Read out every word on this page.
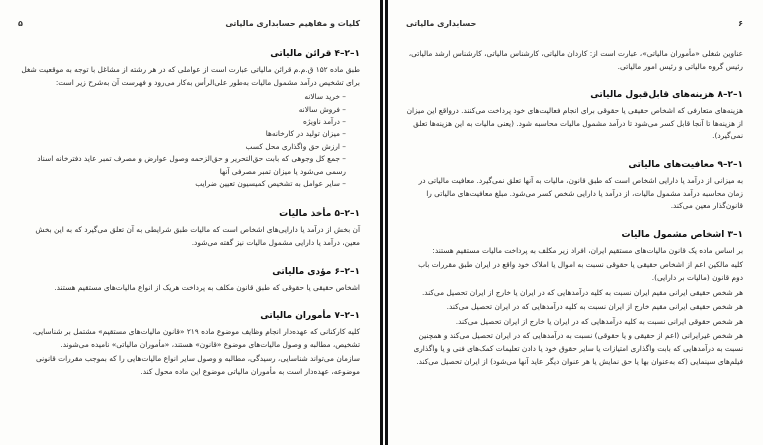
کلیات و مفاهیم حسابداری مالیاتی
۵
۱–۲–۴ قرائن مالیاتی

طبق ماده ۱۵۲ ق.م.م قرائن مالیاتی عبارت است از عواملی که در هر رشته از مشاغل با توجه به موقعیت شغل برای تشخیص درآمد مشمول مالیات به‌طور علی‌الرأس به‌کار می‌رود و فهرست آن به‌شرح زیر است:

– خرید سالانه
– فروش سالانه
– درآمد ناویژه
– میزان تولید در کارخانه‌ها
– ارزش حق واگذاری محل کسب
– جمع کل وجوهی که بابت حق‌التحریر و حق‌الزحمه وصول عوارض و مصرف تمبر عاید دفترخانه اسناد رسمی می‌شود یا میزان تمبر مصرفی آنها
– سایر عوامل به تشخیص کمیسیون تعیین ضرایب
۱–۲–۵ مأخذ مالیات

آن بخش از درآمد یا دارایی‌های اشخاص است که مالیات طبق شرایطی به آن تعلق می‌گیرد که به این بخش معین، درآمد یا دارایی مشمول مالیات نیز گفته می‌شود.

۱–۲–۶ مؤدی مالیاتی

اشخاص حقیقی یا حقوقی که طبق قانون مکلف به پرداخت هریک از انواع مالیات‌های مستقیم هستند.

۱–۲–۷ مأموران مالیاتی

کلیه کارکنانی که عهده‌دار انجام وظایف موضوع ماده ۲۱۹ «قانون مالیات‌های مستقیم» مشتمل بر شناسایی، تشخیص، مطالبه و وصول مالیات‌های موضوع «قانون» هستند، «مأموران مالیاتی» نامیده می‌شوند.

سازمان می‌تواند شناسایی، رسیدگی، مطالبه و وصول سایر انواع مالیات‌هایی را که بموجب مقررات قانونی موضوعه، عهده‌دار است به مأموران مالیاتی موضوع این ماده محول کند.

۶
حسابداری مالیاتی

عناوین شغلی «مأموران مالیاتی»، عبارت است از: کاردان مالیاتی، کارشناس مالیاتی، کارشناس ارشد مالیاتی، رئیس گروه مالیاتی و رئیس امور مالیاتی.

۱–۲–۸ هزینه‌های قابل‌قبول مالیاتی

هزینه‌های متعارفی که اشخاص حقیقی یا حقوقی برای انجام فعالیت‌های خود پرداخت می‌کنند. درواقع این میزان از هزینه‌ها تا آنجا قابل کسر می‌شود تا درآمد مشمول مالیات محاسبه شود. (یعنی مالیات به این هزینه‌ها تعلق نمی‌گیرد).

۱–۲–۹ معافیت‌های مالیاتی

به میزانی از درآمد یا دارایی اشخاص است که طبق قانون، مالیات به آنها تعلق نمی‌گیرد. معافیت مالیاتی در زمان محاسبه درآمد مشمول مالیات، از درآمد یا دارایی شخص کسر می‌شود. مبلغ معافیت‌های مالیاتی را قانون‌گذار معین می‌کند.

۱–۳ اشخاص مشمول مالیات

بر اساس ماده یک قانون مالیات‌های مستقیم ایران، افراد زیر مکلف به پرداخت مالیات مستقیم هستند:

کلیه مالکین اعم از اشخاص حقیقی یا حقوقی نسبت به اموال یا املاک خود واقع در ایران طبق مقررات باب دوم قانون (مالیات بر دارایی).

هر شخص حقیقی ایرانی مقیم ایران نسبت به کلیه درآمدهایی که در ایران یا خارج از ایران تحصیل می‌کند.

هر شخص حقیقی ایرانی مقیم خارج از ایران نسبت به کلیه درآمدهایی که در ایران تحصیل می‌کند.

هر شخص حقوقی ایرانی نسبت به کلیه درآمدهایی که در ایران یا خارج از ایران تحصیل می‌کند.

هر شخص غیرایرانی (اعم از حقیقی و یا حقوقی) نسبت به درآمدهایی که در ایران تحصیل می‌کند و همچنین نسبت به درآمدهایی که بابت واگذاری امتیازات یا سایر حقوق خود یا دادن تعلیمات کمک‌های فنی و یا واگذاری فیلم‌های سینمایی (که به‌عنوان بها یا حق نمایش یا هر عنوان دیگر عاید آنها می‌شود) از ایران تحصیل می‌کند.
